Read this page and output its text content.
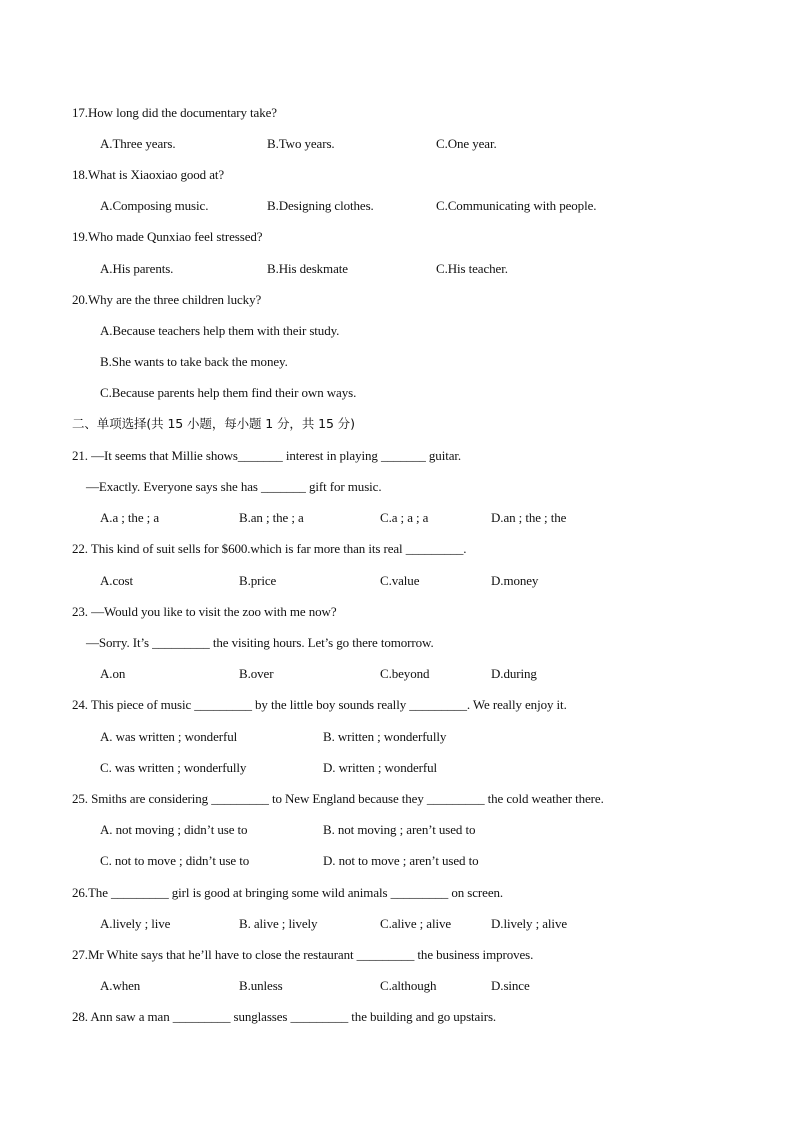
17.How long did the documentary take?
A.Three years.	B.Two years.	C.One year.
18.What is Xiaoxiao good at?
A.Composing music.	B.Designing clothes.	C.Communicating with people.
19.Who made Qunxiao feel stressed?
A.His parents.	B.His deskmate	C.His teacher.
20.Why are the three children lucky?
A.Because teachers help them with their study.
B.She wants to take back the money.
C.Because parents help them find their own ways.
二、单项选择(共 15 小题，每小题 1 分，共 15 分)
21. —It seems that Millie shows_______ interest in playing _______ guitar.
—Exactly. Everyone says she has _______ gift for music.
A.a ; the ; a	B.an ; the ; a	C.a ; a ; a	D.an ; the ; the
22. This kind of suit sells for $600.which is far more than its real _________.
A.cost	B.price	C.value	D.money
23. —Would you like to visit the zoo with me now?
—Sorry. It’s _________ the visiting hours. Let’s go there tomorrow.
A.on	B.over	C.beyond	D.during
24. This piece of music _________ by the little boy sounds really _________. We really enjoy it.
A. was written ; wonderful	B. written ; wonderfully
C. was written ; wonderfully	D. written ; wonderful
25. Smiths are considering _________ to New England because they _________ the cold weather there.
A. not moving ; didn’t use to	B. not moving ; aren’t used to
C. not to move ; didn’t use to	D. not to move ; aren’t used to
26.The _________ girl is good at bringing some wild animals _________ on screen.
A.lively ; live	B. alive ; lively	C.alive ; alive	D.lively ; alive
27.Mr White says that he’ll have to close the restaurant _________ the business improves.
A.when	B.unless	C.although	D.since
28. Ann saw a man _________ sunglasses _________ the building and go upstairs.
